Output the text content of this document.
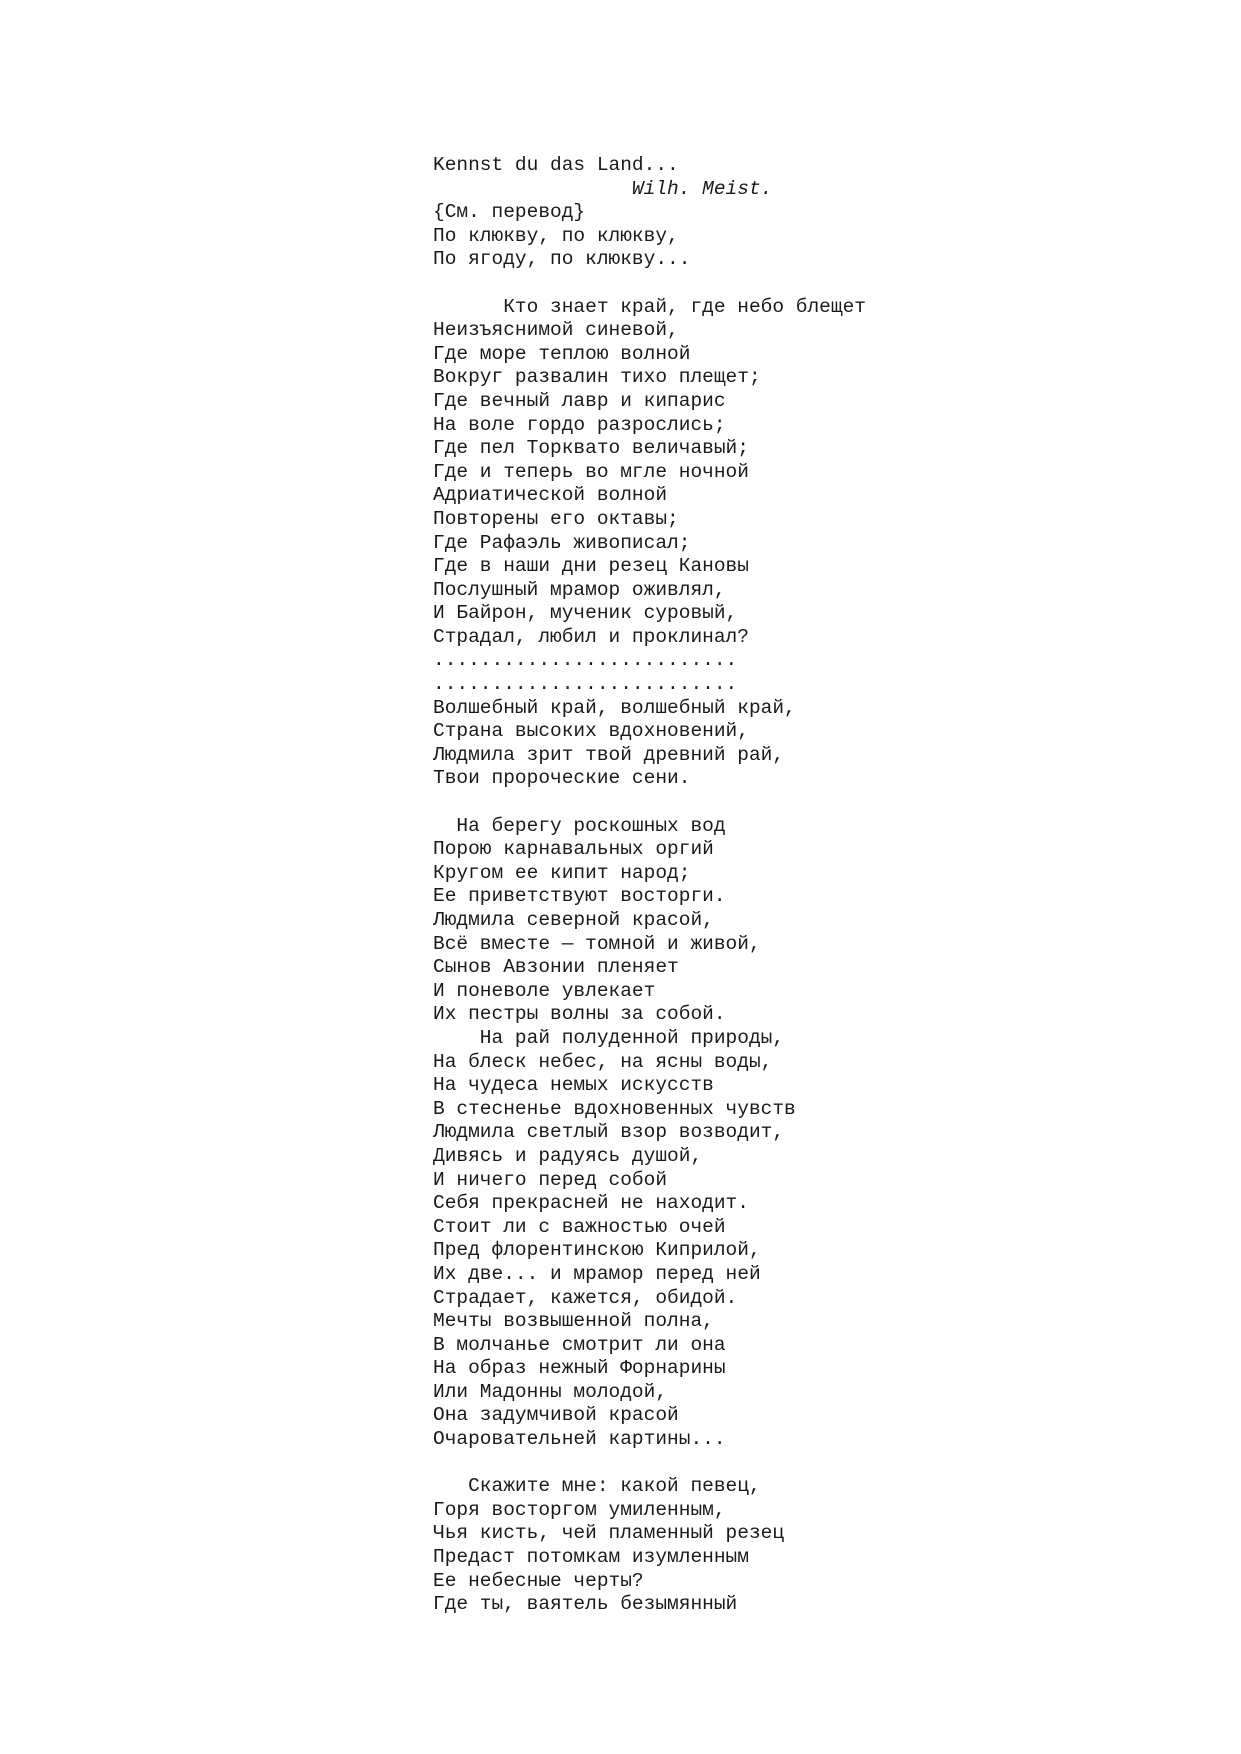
Kennst du das Land...
Wilh. Meist.
{См. перевод}
По клюкву, по клюкву,
По ягоду, по клюкву...
Кто знает край, где небо блещет
Неизъяснимой синевой,
Где море теплою волной
Вокруг развалин тихо плещет;
Где вечный лавр и кипарис
На воле гордо разрослись;
Где пел Торквато величавый;
Где и теперь во мгле ночной
Адриатической волной
Повторены его октавы;
Где Рафаэль живописал;
Где в наши дни резец Кановы
Послушный мрамор оживлял,
И Байрон, мученик суровый,
Страдал, любил и проклинал?
..........................
..........................
Волшебный край, волшебный край,
Страна высоких вдохновений,
Людмила зрит твой древний рай,
Твои пророческие сени.
На берегу роскошных вод
Порою карнавальных оргий
Кругом ее кипит народ;
Ее приветствуют восторги.
Людмила северной красой,
Всё вместе — томной и живой,
Сынов Авзонии пленяет
И поневоле увлекает
Их пестры волны за собой.
На рай полуденной природы,
На блеск небес, на ясны воды,
На чудеса немых искусств
В стесненье вдохновенных чувств
Людмила светлый взор возводит,
Дивясь и радуясь душой,
И ничего перед собой
Себя прекрасней не находит.
Стоит ли с важностью очей
Пред флорентинскою Киприлой,
Их две... и мрамор перед ней
Страдает, кажется, обидой.
Мечты возвышенной полна,
В молчанье смотрит ли она
На образ нежный Форнарины
Или Мадонны молодой,
Она задумчивой красой
Очаровательней картины...
Скажите мне: какой певец,
Горя восторгом умиленным,
Чья кисть, чей пламенный резец
Предаст потомкам изумленным
Ее небесные черты?
Где ты, ваятель безымянный
